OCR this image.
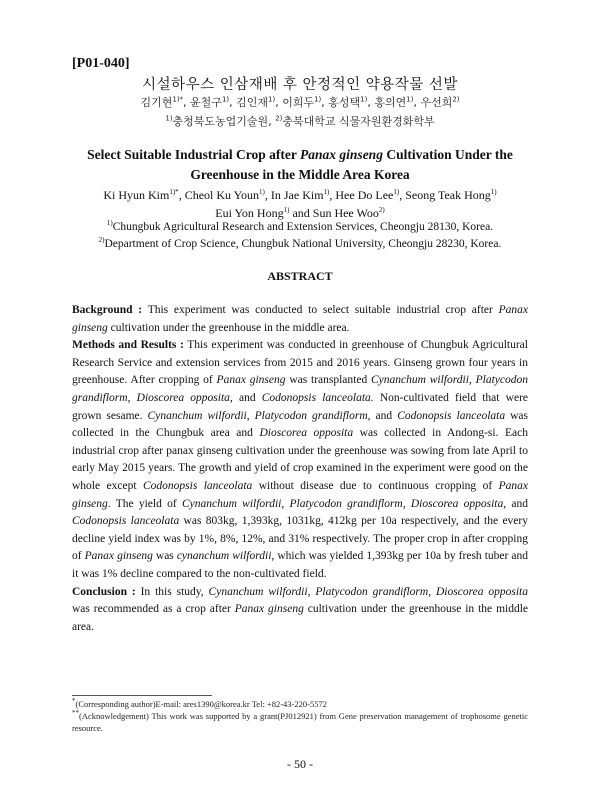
[P01-040]
시설하우스 인삼재배 후 안정적인 약용작물 선발
김기현$^{1)*}$, 윤철구$^{1)}$, 김인재$^{1)}$, 이희두$^{1)}$, 홍성택$^{1)}$, 홍의연$^{1)}$, 우선희$^{2)}$
$^{1)}$충청북도농업기술원, $^{2)}$충북대학교 식물자원환경화학부
Select Suitable Industrial Crop after Panax ginseng Cultivation Under the
Greenhouse in the Middle Area Korea
Ki Hyun Kim$^{1)*}$, Cheol Ku Youn$^{1)}$, In Jae Kim$^{1)}$, Hee Do Lee$^{1)}$, Seong Teak Hong$^{1)}$
Eui Yon Hong$^{1)}$ and Sun Hee Woo$^{2)}$
$^{1)}$Chungbuk Agricultural Research and Extension Services, Cheongju 28130, Korea.
$^{2)}$Department of Crop Science, Chungbuk National University, Cheongju 28230, Korea.
ABSTRACT

Background : This experiment was conducted to select suitable industrial crop after Panax ginseng cultivation under the greenhouse in the middle area.

Methods and Results : This experiment was conducted in greenhouse of Chungbuk Agricultural Research Service and extension services from 2015 and 2016 years. Ginseng grown four years in greenhouse. After cropping of Panax ginseng was transplanted Cynanchum wilfordii, Platycodon grandiflorm, Dioscorea opposita, and Codonopsis lanceolata. Non-cultivated field that were grown sesame. Cynanchum wilfordii, Platycodon grandiflorm, and Codonopsis lanceolata was collected in the Chungbuk area and Dioscorea opposita was collected in Andong-si. Each industrial crop after panax ginseng cultivation under the greenhouse was sowing from late April to early May 2015 years. The growth and yield of crop examined in the experiment were good on the whole except Codonopsis lanceolata without disease due to continuous cropping of Panax ginseng. The yield of Cynanchum wilfordii, Platycodon grandiflorm, Dioscorea opposita, and Codonopsis lanceolata was 803kg, 1,393kg, 1031kg, 412kg per 10a respectively, and the every decline yield index was by 1%, 8%, 12%, and 31% respectively. The proper crop in after cropping of Panax ginseng was cynanchum wilfordii, which was yielded 1,393kg per 10a by fresh tuber and it was 1% decline compared to the non-cultivated field.

Conclusion : In this study, Cynanchum wilfordii, Platycodon grandiflorm, Dioscorea opposita was recommended as a crop after Panax ginseng cultivation under the greenhouse in the middle area.

*(Corresponding author)E-mail: ares1390@korea.kr Tel: +82-43-220-5572
**(Acknowledgement) This work was supported by a grant(PJ012921) from Gene preservation management of trophosome genetic resource.
- 50 -
